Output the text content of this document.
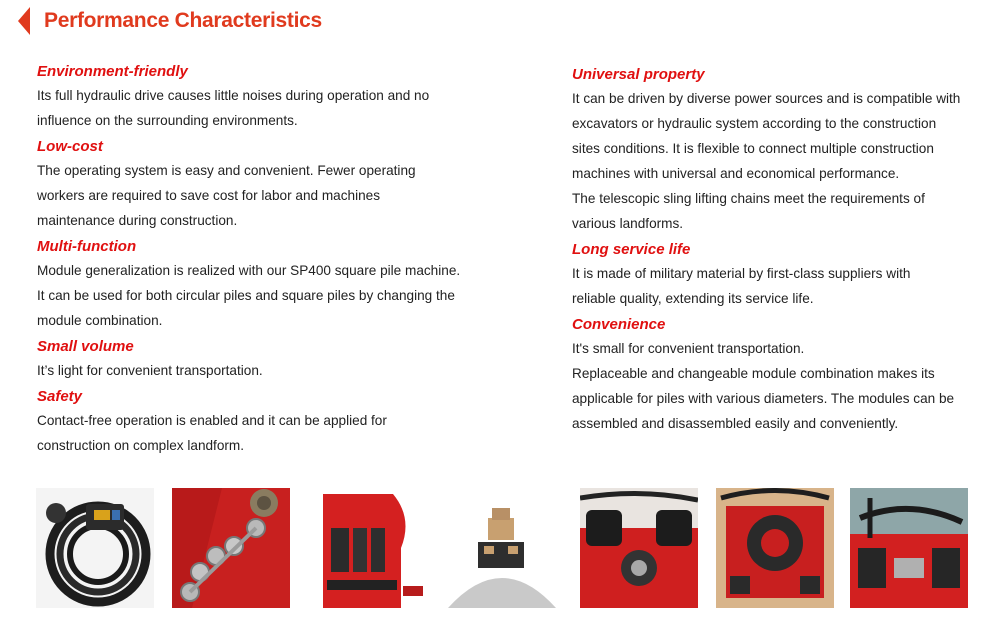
Performance Characteristics
Environment-friendly

Its full hydraulic drive causes little noises during operation and no

influence on the surrounding environments.

Low-cost

The operating system is easy and convenient. Fewer operating

workers are required to save cost for labor and machines

maintenance during construction.

Multi-function

Module generalization is realized with our SP400 square pile machine.

It can be used for both circular piles and square piles by changing the

module combination.

Small volume

It’s light for convenient transportation.

Safety

Contact-free operation is enabled and it can be applied for

construction on complex landform.

Universal property

It can be driven by diverse power sources and is compatible with

excavators or hydraulic system according to the construction

sites conditions. It is flexible to connect multiple construction

machines with universal and economical performance.

The telescopic sling lifting chains meet the requirements of

various landforms.

Long service life

It is made of military material by first-class suppliers with

reliable quality, extending its service life.

Convenience

It's small for convenient transportation.

Replaceable and changeable module combination makes its

applicable for piles with various diameters. The modules can be

assembled and disassembled easily and conveniently.
